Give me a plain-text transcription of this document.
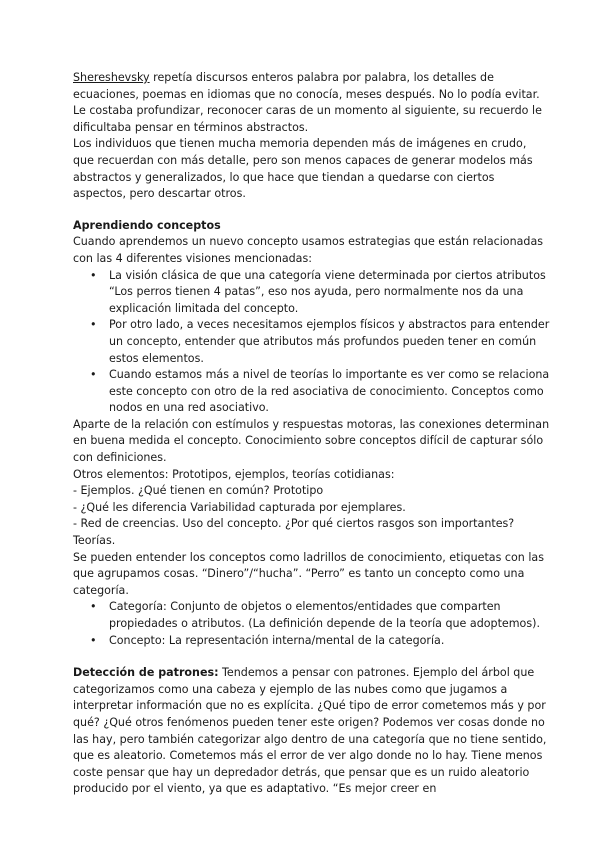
Shereshevsky repetía discursos enteros palabra por palabra, los detalles de ecuaciones, poemas en idiomas que no conocía, meses después. No lo podía evitar. Le costaba profundizar, reconocer caras de un momento al siguiente, su recuerdo le dificultaba pensar en términos abstractos.

Los individuos que tienen mucha memoria dependen más de imágenes en crudo, que recuerdan con más detalle, pero son menos capaces de generar modelos más abstractos y generalizados, lo que hace que tiendan a quedarse con ciertos aspectos, pero descartar otros.

Aprendiendo conceptos

Cuando aprendemos un nuevo concepto usamos estrategias que están relacionadas con las 4 diferentes visiones mencionadas:

• La visión clásica de que una categoría viene determinada por ciertos atributos “Los perros tienen 4 patas”, eso nos ayuda, pero normalmente nos da una explicación limitada del concepto.
• Por otro lado, a veces necesitamos ejemplos físicos y abstractos para entender un concepto, entender que atributos más profundos pueden tener en común estos elementos.
• Cuando estamos más a nivel de teorías lo importante es ver como se relaciona este concepto con otro de la red asociativa de conocimiento. Conceptos como nodos en una red asociativo.

Aparte de la relación con estímulos y respuestas motoras, las conexiones determinan en buena medida el concepto. Conocimiento sobre conceptos difícil de capturar sólo con definiciones.

Otros elementos: Prototipos, ejemplos, teorías cotidianas:

- Ejemplos. ¿Qué tienen en común? Prototipo

- ¿Qué les diferencia Variabilidad capturada por ejemplares.

- Red de creencias. Uso del concepto. ¿Por qué ciertos rasgos son importantes? Teorías.

Se pueden entender los conceptos como ladrillos de conocimiento, etiquetas con las que agrupamos cosas. “Dinero”/“hucha”. “Perro” es tanto un concepto como una categoría.

• Categoría: Conjunto de objetos o elementos/entidades que comparten propiedades o atributos. (La definición depende de la teoría que adoptemos).
• Concepto: La representación interna/mental de la categoría.

Detección de patrones: Tendemos a pensar con patrones. Ejemplo del árbol que categorizamos como una cabeza y ejemplo de las nubes como que jugamos a interpretar información que no es explícita. ¿Qué tipo de error cometemos más y por qué? ¿Qué otros fenómenos pueden tener este origen? Podemos ver cosas donde no las hay, pero también categorizar algo dentro de una categoría que no tiene sentido, que es aleatorio. Cometemos más el error de ver algo donde no lo hay. Tiene menos coste pensar que hay un depredador detrás, que pensar que es un ruido aleatorio producido por el viento, ya que es adaptativo. “Es mejor creer en
